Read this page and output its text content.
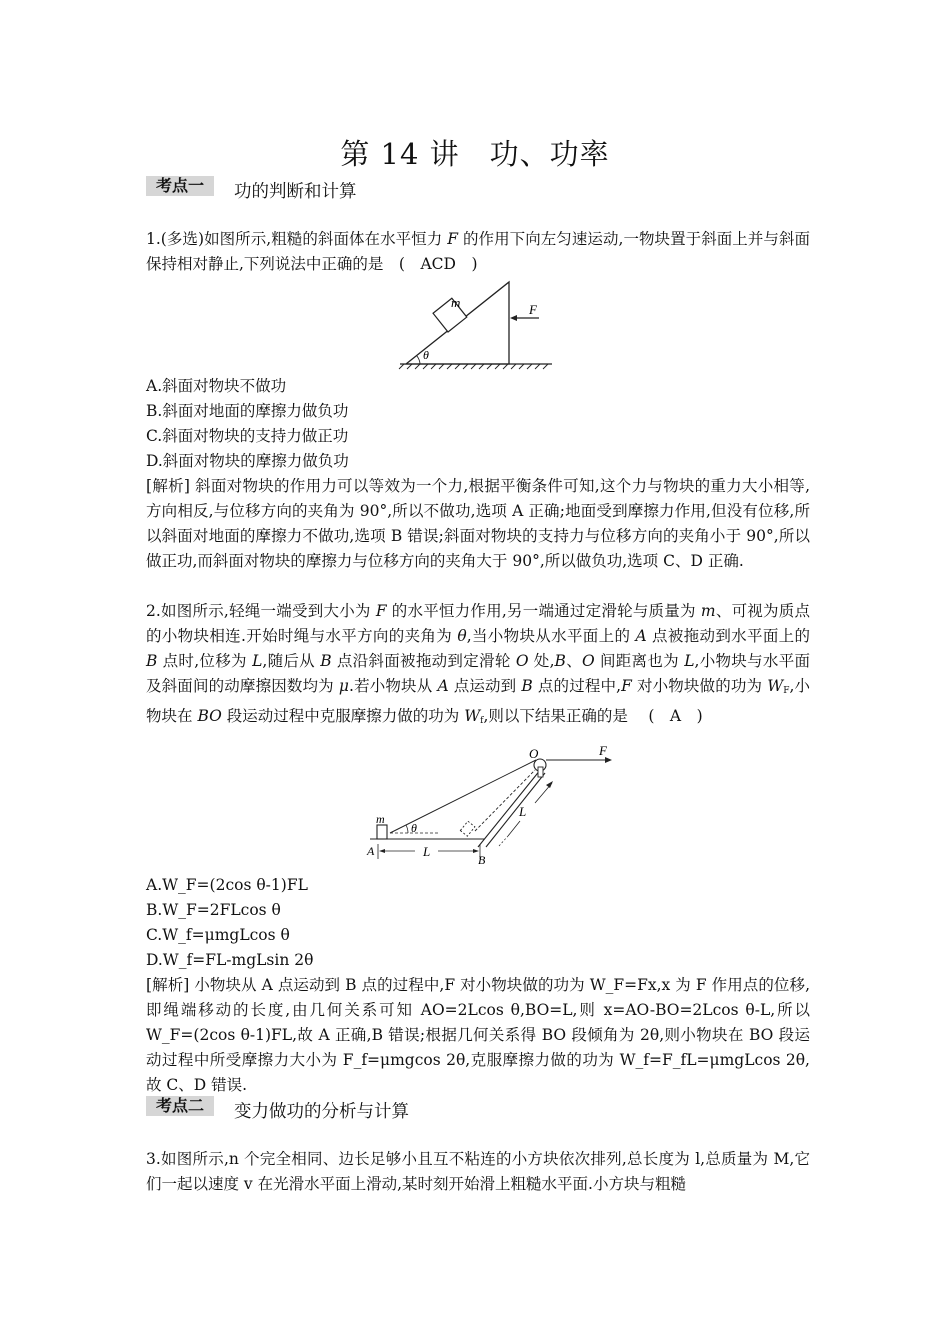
第 14 讲　功、功率
考点一	功的判断和计算

1.(多选)如图所示,粗糙的斜面体在水平恒力 F 的作用下向左匀速运动,一物块置于斜面上并与斜面保持相对静止,下列说法中正确的是　(　ACD　)

m	F
θ
A.斜面对物块不做功
B.斜面对地面的摩擦力做负功
C.斜面对物块的支持力做正功
D.斜面对物块的摩擦力做负功

[解析] 斜面对物块的作用力可以等效为一个力,根据平衡条件可知,这个力与物块的重力大小相等,方向相反,与位移方向的夹角为 90°,所以不做功,选项 A 正确;地面受到摩擦力作用,但没有位移,所以斜面对地面的摩擦力不做功,选项 B 错误;斜面对物块的支持力与位移方向的夹角小于 90°,所以做正功,而斜面对物块的摩擦力与位移方向的夹角大于 90°,所以做负功,选项 C、D 正确.

2.如图所示,轻绳一端受到大小为 F 的水平恒力作用,另一端通过定滑轮与质量为 m、可视为质点的小物块相连.开始时绳与水平方向的夹角为 θ,当小物块从水平面上的 A 点被拖动到水平面上的 B 点时,位移为 L,随后从 B 点沿斜面被拖动到定滑轮 O 处,B、O 间距离也为 L,小物块与水平面及斜面间的动摩擦因数均为 μ.若小物块从 A 点运动到 B 点的过程中,F 对小物块做的功为 $W_F$,小物块在 BO 段运动过程中克服摩擦力做的功为 $W_f$,则以下结果正确的是　 (　A　)

O	F
m
θ
A
B
L
L
A.W_F=(2cos θ-1)FL
B.W_F=2FLcos θ
C.W_f=μmgLcos θ
D.W_f=FL-mgLsin 2θ

[解析] 小物块从 A 点运动到 B 点的过程中,F 对小物块做的功为 W_F=Fx,x 为 F 作用点的位移,即绳端移动的长度,由几何关系可知 AO=2Lcos θ,BO=L,则 x=AO-BO=2Lcos θ-L,所以 W_F=(2cos θ-1)FL,故 A 正确,B 错误;根据几何关系得 BO 段倾角为 2θ,则小物块在 BO 段运动过程中所受摩擦力大小为 F_f=μmgcos 2θ,克服摩擦力做的功为 W_f=F_fL=μmgLcos 2θ,故 C、D 错误.

考点二	变力做功的分析与计算

3.如图所示,n 个完全相同、边长足够小且互不粘连的小方块依次排列,总长度为 l,总质量为 M,它们一起以速度 v 在光滑水平面上滑动,某时刻开始滑上粗糙水平面.小方块与粗糙
